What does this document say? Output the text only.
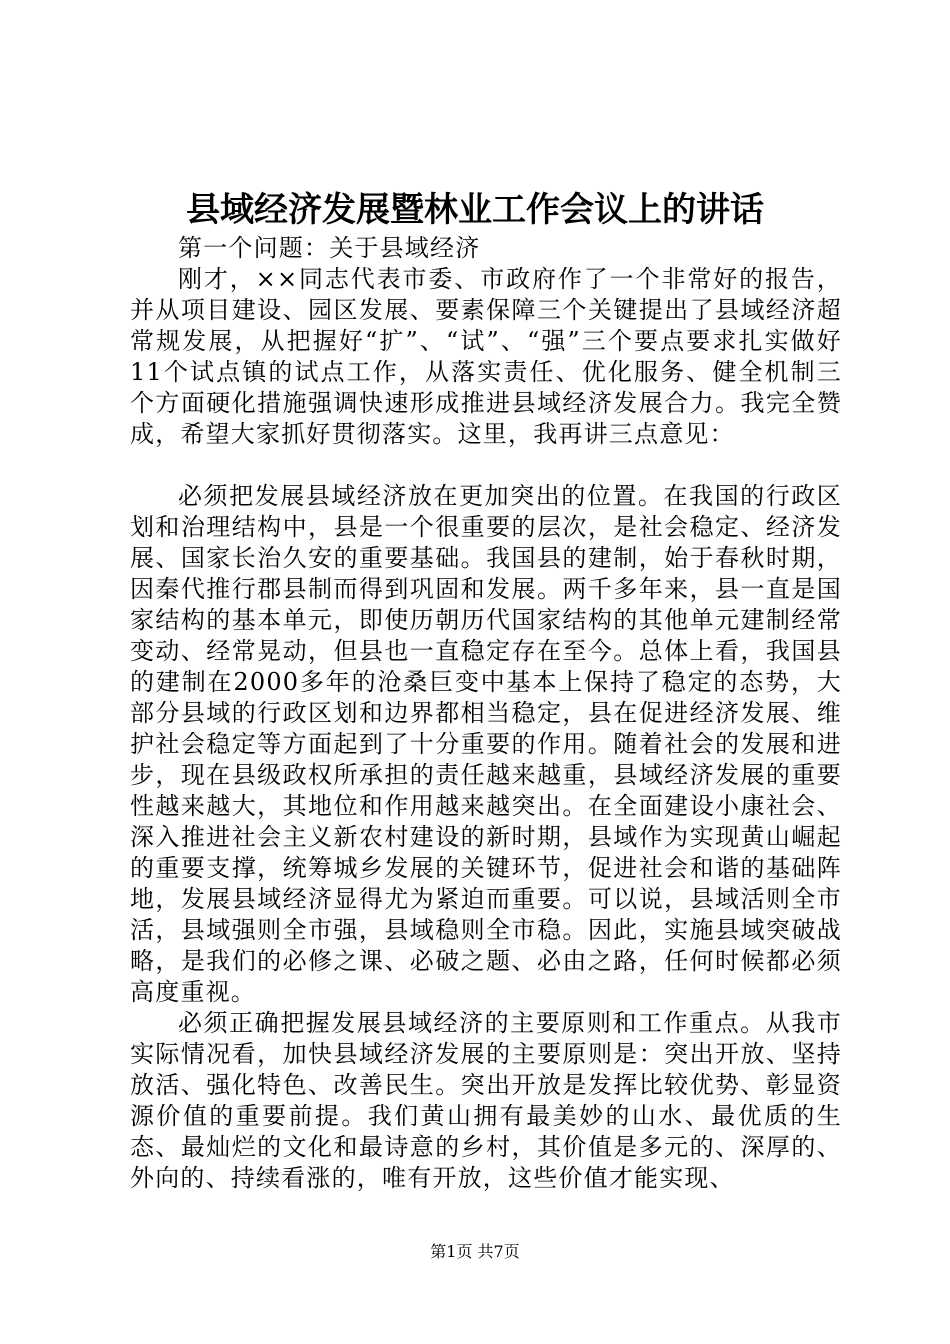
县域经济发展暨林业工作会议上的讲话

第一个问题：关于县域经济

刚才，××同志代表市委、市政府作了一个非常好的报告，并从项目建设、园区发展、要素保障三个关键提出了县域经济超常规发展，从把握好“扩”、“试”、“强”三个要点要求扎实做好11个试点镇的试点工作，从落实责任、优化服务、健全机制三个方面硬化措施强调快速形成推进县域经济发展合力。我完全赞成，希望大家抓好贯彻落实。这里，我再讲三点意见：

必须把发展县域经济放在更加突出的位置。在我国的行政区划和治理结构中，县是一个很重要的层次，是社会稳定、经济发展、国家长治久安的重要基础。我国县的建制，始于春秋时期，因秦代推行郡县制而得到巩固和发展。两千多年来，县一直是国家结构的基本单元，即使历朝历代国家结构的其他单元建制经常变动、经常晃动，但县也一直稳定存在至今。总体上看，我国县的建制在2000多年的沧桑巨变中基本上保持了稳定的态势，大部分县域的行政区划和边界都相当稳定，县在促进经济发展、维护社会稳定等方面起到了十分重要的作用。随着社会的发展和进步，现在县级政权所承担的责任越来越重，县域经济发展的重要性越来越大，其地位和作用越来越突出。在全面建设小康社会、深入推进社会主义新农村建设的新时期，县域作为实现黄山崛起的重要支撑，统筹城乡发展的关键环节，促进社会和谐的基础阵地，发展县域经济显得尤为紧迫而重要。可以说，县域活则全市活，县域强则全市强，县域稳则全市稳。因此，实施县域突破战略，是我们的必修之课、必破之题、必由之路，任何时候都必须高度重视。

必须正确把握发展县域经济的主要原则和工作重点。从我市实际情况看，加快县域经济发展的主要原则是：突出开放、坚持放活、强化特色、改善民生。突出开放是发挥比较优势、彰显资源价值的重要前提。我们黄山拥有最美妙的山水、最优质的生态、最灿烂的文化和最诗意的乡村，其价值是多元的、深厚的、外向的、持续看涨的，唯有开放，这些价值才能实现、

第1页 共7页
